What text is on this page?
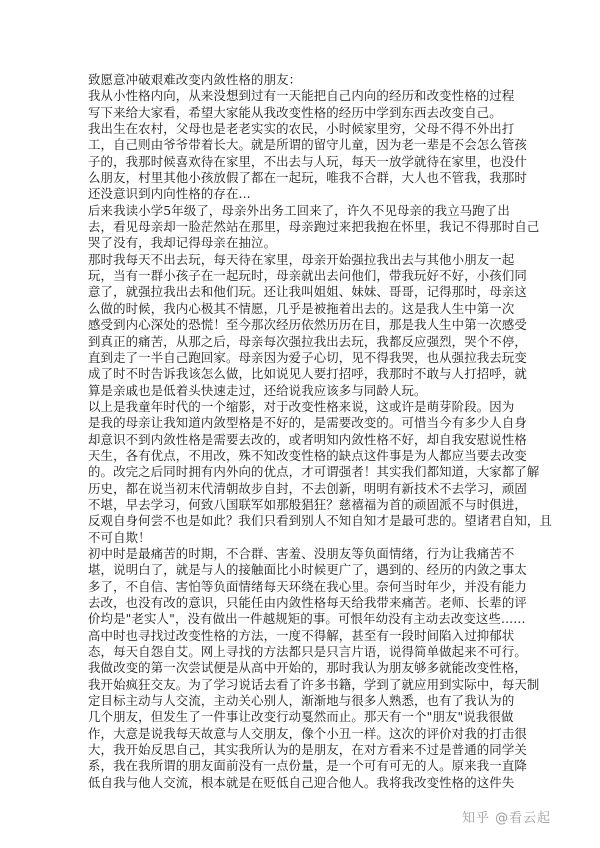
致愿意冲破艰难改变内敛性格的朋友：
我从小性格内向，从来没想到过有一天能把自己内向的经历和改变性格的过程
写下来给大家看，希望大家能从我改变性格的经历中学到东西去改变自己。
我出生在农村，父母也是老老实实的农民，小时候家里穷，父母不得不外出打
工，自己则由爷爷带着长大。就是所谓的留守儿童，因为老一辈是不会怎么管孩
子的，我那时候喜欢待在家里，不出去与人玩，每天一放学就待在家里，也没什
么朋友，村里其他小孩放假了都在一起玩，唯我不合群，大人也不管我，我那时
还没意识到内向性格的存在...
后来我读小学5年级了，母亲外出务工回来了，许久不见母亲的我立马跑了出
去，看见母亲却一脸茫然站在那里，母亲跑过来把我抱在怀里，我记不得那时自己
哭了没有，我却记得母亲在抽泣。
那时我每天不出去玩，每天待在家里，母亲开始强拉我出去与其他小朋友一起
玩，当有一群小孩子在一起玩时，母亲就出去问他们，带我玩好不好，小孩们同
意了，就强拉我出去和他们玩。还让我叫姐姐、妹妹、哥哥，记得那时，母亲这
么做的时候，我内心极其不情愿，几乎是被拖着出去的。这是我人生中第一次
感受到内心深处的恐慌！至今那次经历依然历历在目，那是我人生中第一次感受
到真正的痛苦，从那之后，母亲每次强拉我出去玩，我都反应强烈，哭个不停，
直到走了一半自己跑回家。母亲因为爱子心切，见不得我哭，也从强拉我去玩变
成了时不时告诉我该怎么做，比如说见人要打招呼，我那时不敢与人打招呼，就
算是亲戚也是低着头快速走过，还给说我应该多与同龄人玩。
以上是我童年时代的一个缩影，对于改变性格来说，这或许是萌芽阶段。因为
是我的母亲让我知道内敛型格是不好的，是需要改变的。可惜当今有多少人自身
却意识不到内敛性格是需要去改的，或者明知内敛性格不好，却自我安慰说性格
天生，各有优点，不用改，殊不知改变性格的缺点这件事是为人都应当要去改变
的。改完之后同时拥有内外向的优点，才可谓强者！其实我们都知道，大家都了解
历史，都在说当初末代清朝故步自封，不去创新，明明有新技术不去学习，顽固
不堪，早去学习，何致八国联军如那般猖狂？慈禧福为首的顽固派不与时俱进，
反观自身何尝不也是如此？我们只看到别人不知自知才是最可悲的。望诸君自知，且
不可自欺！
初中时是最痛苦的时期，不合群、害羞、没朋友等负面情绪，行为让我痛苦不
堪，说明白了，就是与人的接触面比小时候更广了，遇到的、经历的内敛之事太
多了，不自信、害怕等负面情绪每天环绕在我心里。奈何当时年少，并没有能力
去改，也没有改的意识，只能任由内敛性格每天给我带来痛苦。老师、长辈的评
价均是"老实人"，没有做出一件越规矩的事。可恨年幼没有主动去改变这些......
高中时也寻找过改变性格的方法，一度不得解，甚至有一段时间陷入过抑郁状
态，每天自怨自艾。网上寻找的方法都只是只言片语，说得简单做起来不可行。
我做改变的第一次尝试便是从高中开始的，那时我认为朋友够多就能改变性格，
我开始疯狂交友。为了学习说话去看了许多书籍，学到了就应用到实际中，每天制
定目标主动与人交流，主动关心别人，渐渐地与很多人熟悉，也有了我认为的
几个朋友，但发生了一件事让改变行动戛然而止。那天有一个"朋友"说我很做
作，大意是说我每天故意与人交朋友，像个小丑一样。这次的评价对我的打击很
大，我开始反思自己，其实我所认为的是朋友，在对方看来不过是普通的同学关
系，我在我所谓的朋友面前没有一点份量，是一个可有可无的人。原来我一直降
低自我与他人交流，根本就是在贬低自己迎合他人。我将我改变性格的这件失
知乎 @看云起
